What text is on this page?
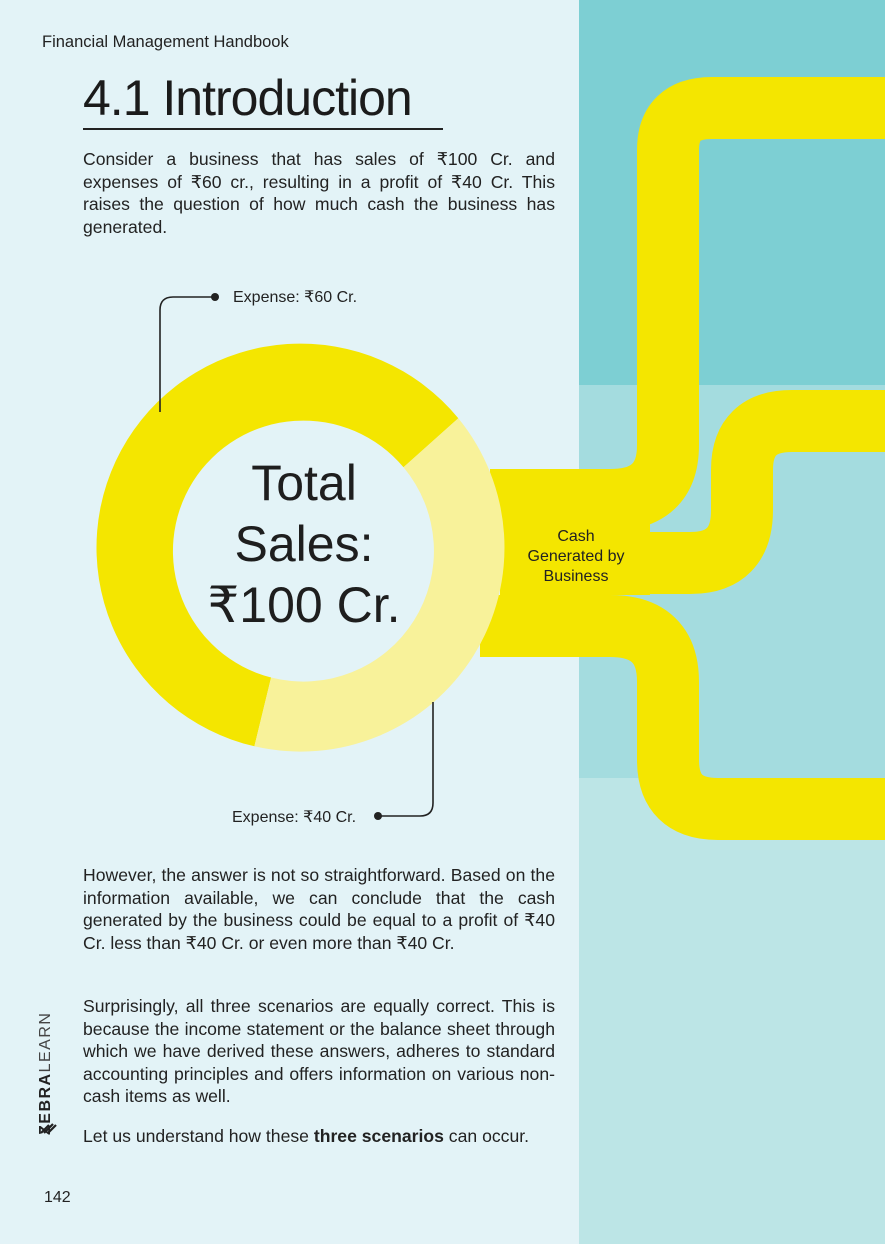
Financial Management Handbook
4.1 Introduction

Consider a business that has sales of ₹100 Cr. and expenses of ₹60 cr., resulting in a profit of ₹40 Cr. This raises the question of how much cash the business has generated.

Expense: ₹60 Cr.
Total
Sales:
₹100 Cr.
Cash
Generated by
Business
Expense: ₹40 Cr.

However, the answer is not so straightforward. Based on the information available, we can conclude that the cash generated by the business could be equal to a profit of ₹40 Cr. less than ₹40 Cr. or even more than ₹40 Cr.

Surprisingly, all three scenarios are equally correct. This is because the income statement or the balance sheet through which we have derived these answers, adheres to standard accounting principles and offers information on various non-cash items as well.

Let us understand how these three scenarios can occur.

ZEBRALEARN
142
